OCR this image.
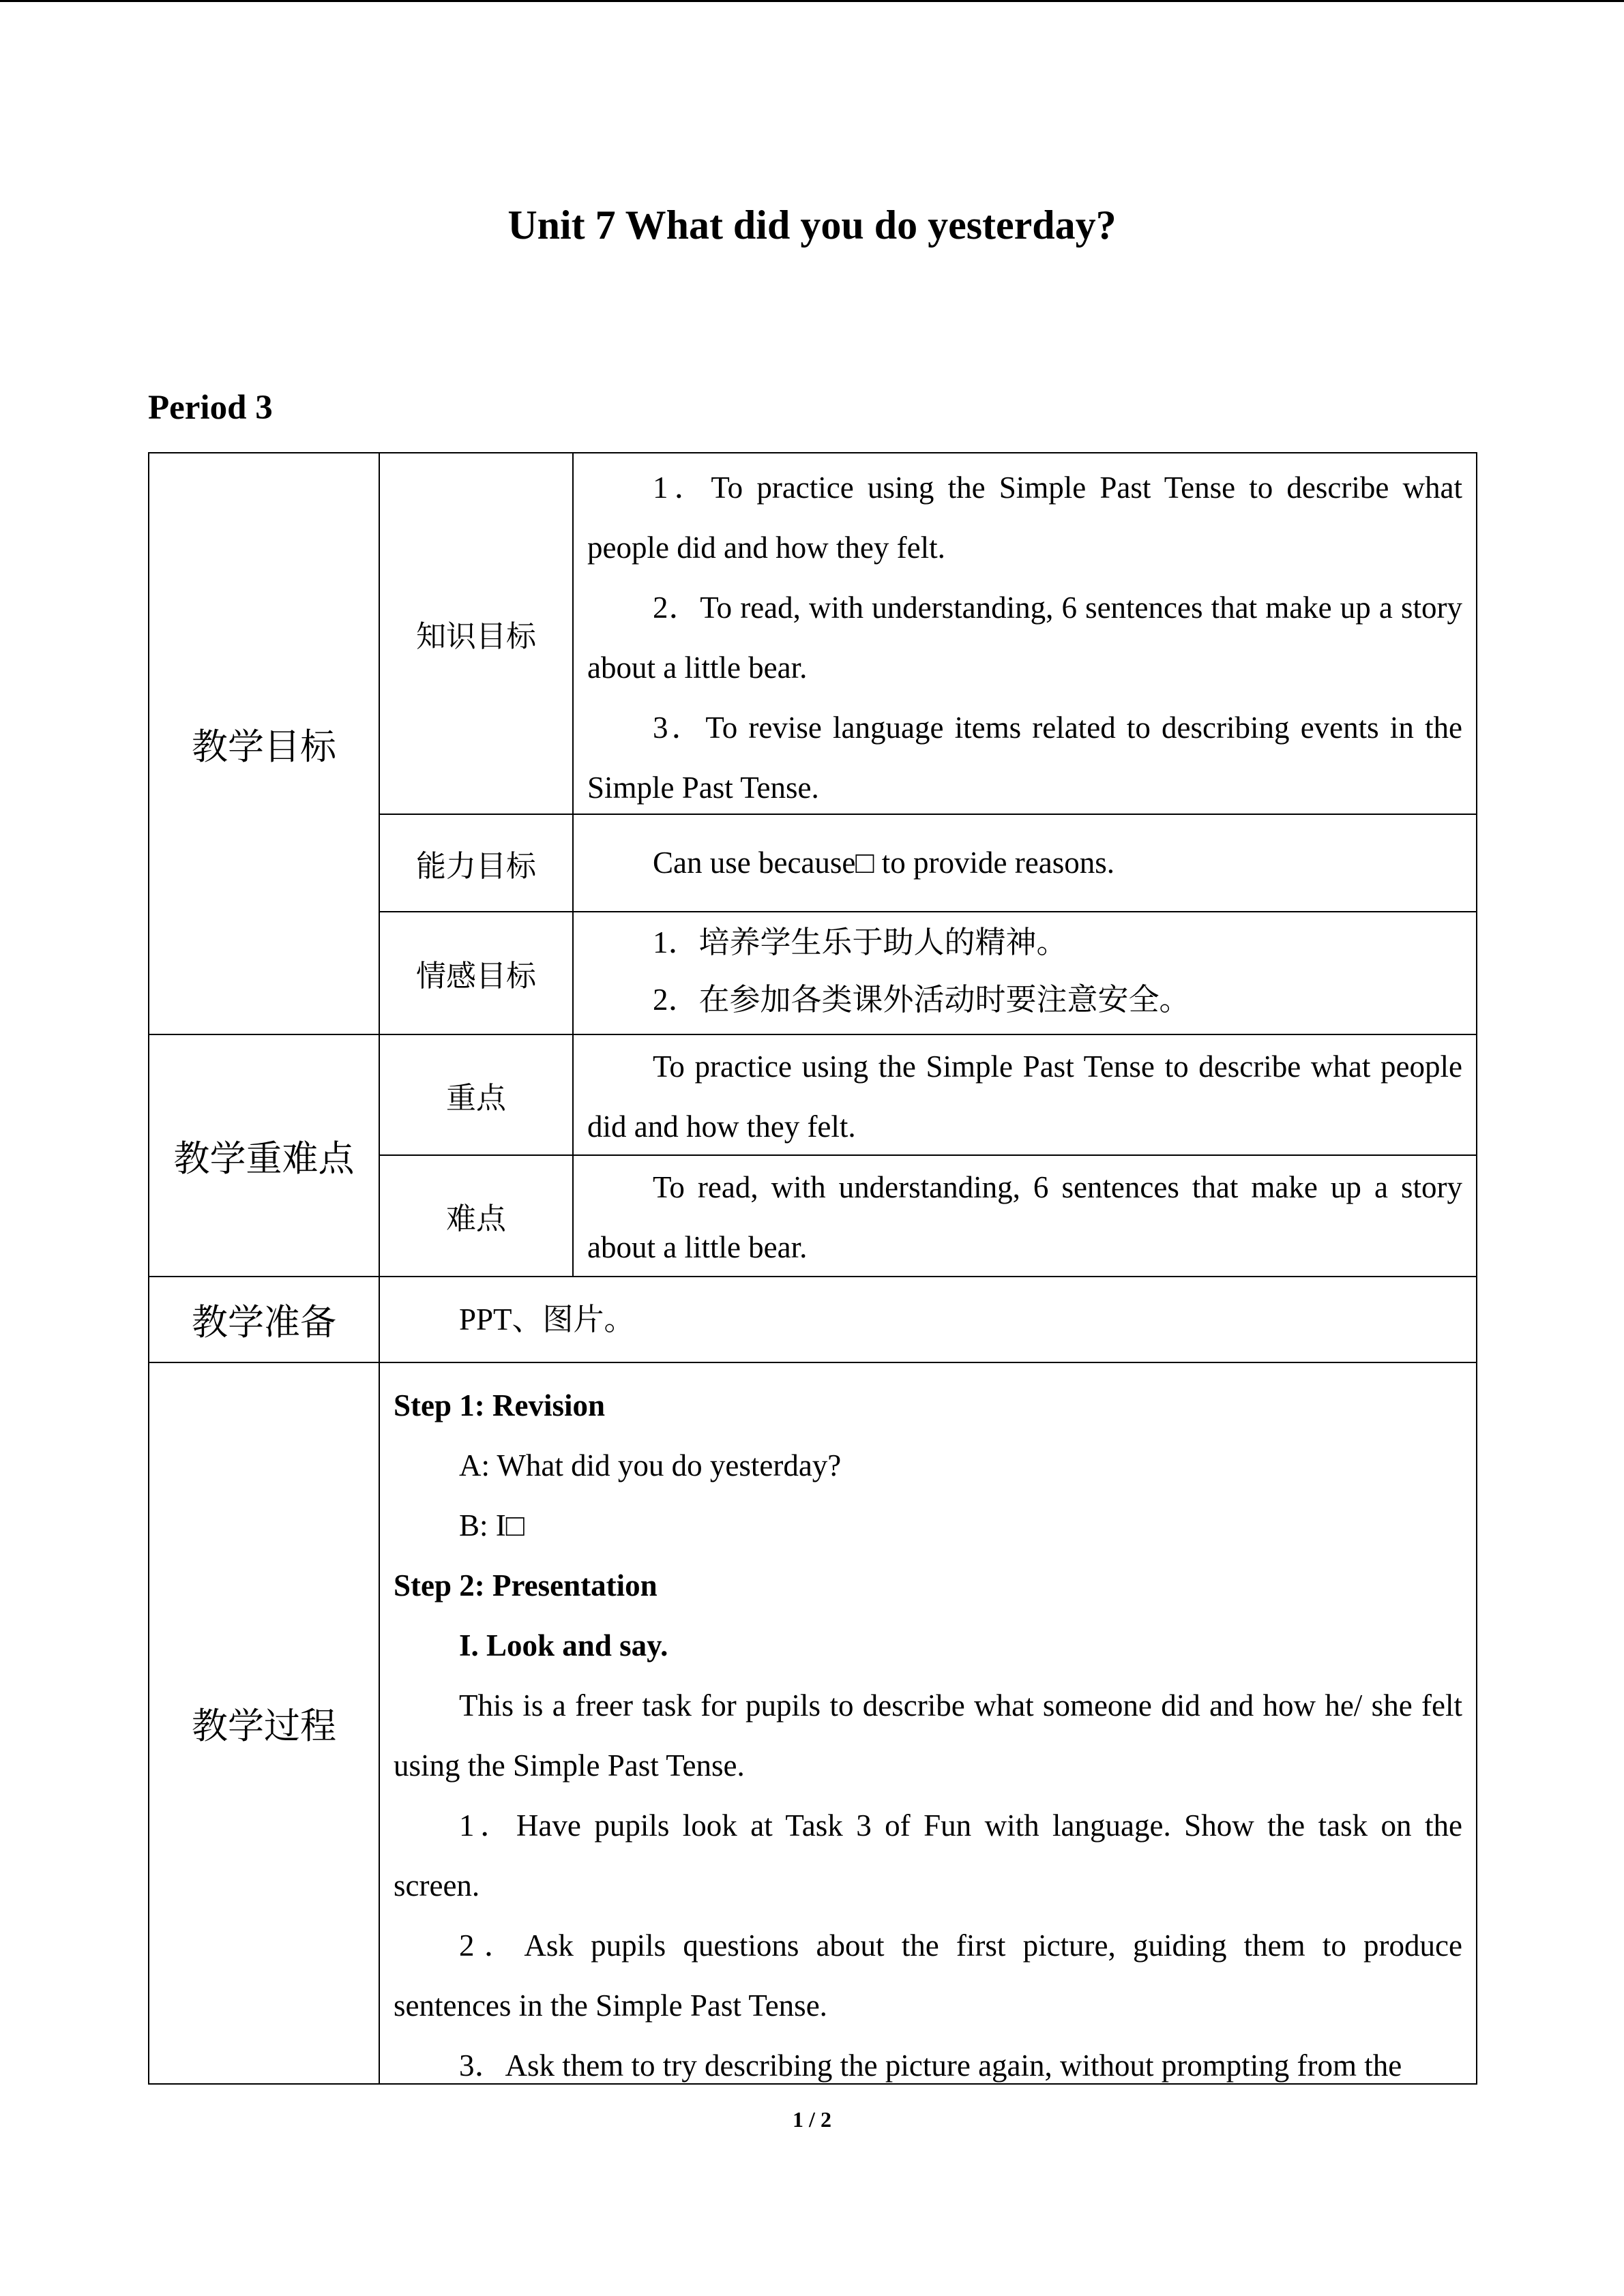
Unit 7 What did you do yesterday?
Period 3
教学目标
知识目标

1．To practice using the Simple Past Tense to describe what people did and how they felt.

2．To read, with understanding, 6 sentences that make up a story about a little bear.

3．To revise language items related to describing events in the Simple Past Tense.

能力目标	Can use because□ to provide reasons.

情感目标

1．培养学生乐于助人的精神。

2．在参加各类课外活动时要注意安全。

教学重难点
重点

To practice using the Simple Past Tense to describe what people did and how they felt.

难点

To read, with understanding, 6 sentences that make up a story about a little bear.

教学准备	PPT、图片。

教学过程

Step 1: Revision

A: What did you do yesterday?

B: I□

Step 2: Presentation

I. Look and say.

This is a freer task for pupils to describe what someone did and how he/ she felt using the Simple Past Tense.

1．Have pupils look at Task 3 of Fun with language. Show the task on the screen.

2．Ask pupils questions about the first picture, guiding them to produce sentences in the Simple Past Tense.

3．Ask them to try describing the picture again, without prompting from the

1 / 2
